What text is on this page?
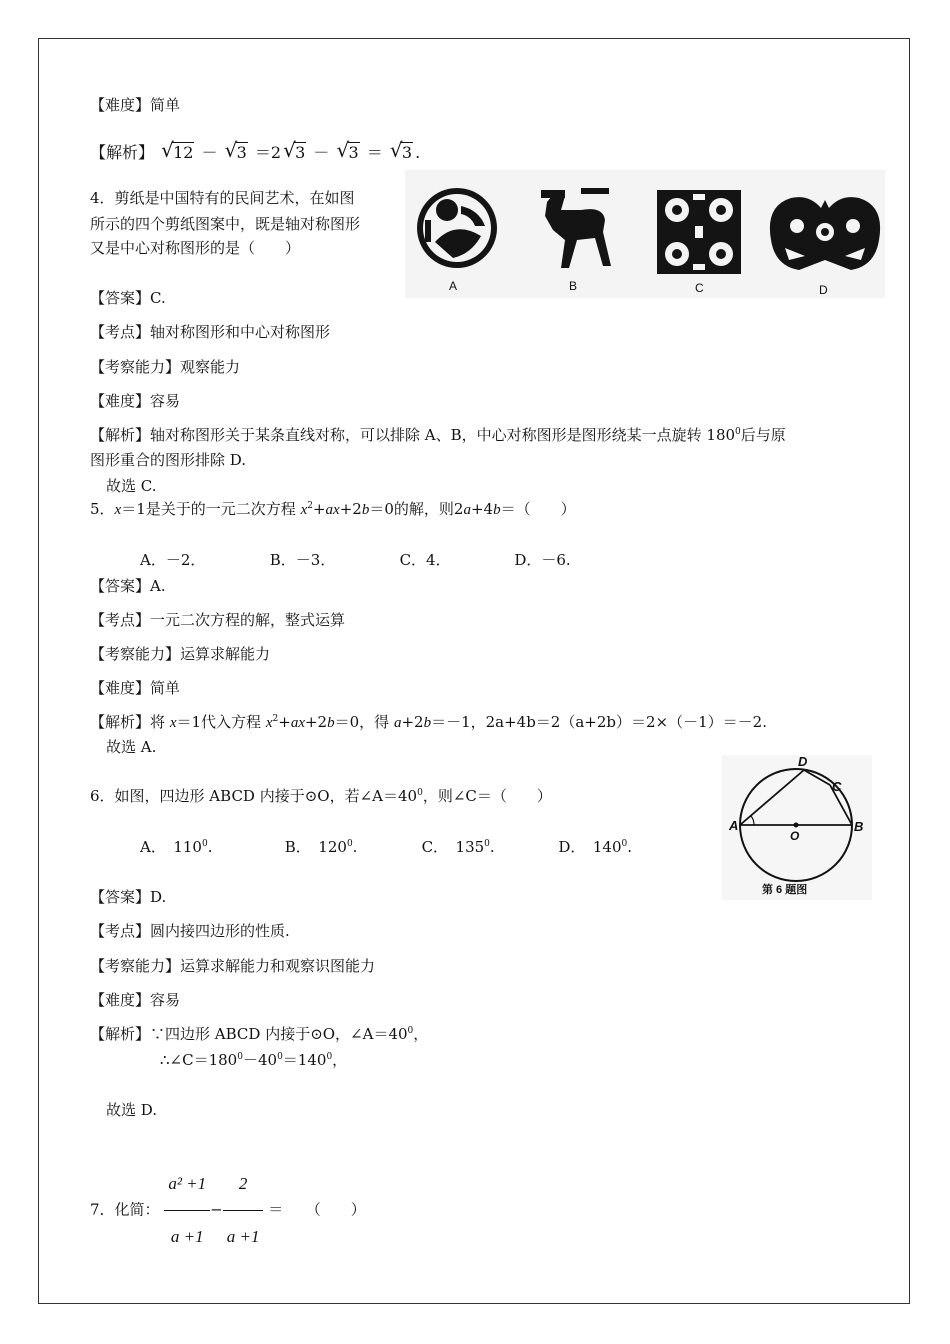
【难度】简单
【解析】 √ 12 － √ 3 ＝2 √ 3 － √ 3 ＝ √ 3 .
4．剪纸是中国特有的民间艺术，在如图
所示的四个剪纸图案中，既是轴对称图形
又是中心对称图形的是（　　）
A	B	C	D
【答案】C.
【考点】轴对称图形和中心对称图形
【考察能力】观察能力
【难度】容易
【解析】轴对称图形关于某条直线对称，可以排除 A、B，中心对称图形是图形绕某一点旋转 $180^0$后与原
图形重合的图形排除 D.
故选 C.
5．x＝1是关于的一元二次方程 $x^2+ax+2b=0$的解，则2a+4b＝（　　）
A．－2．	B．－3．	C．4．	D．－6.
【答案】A.
【考点】一元二次方程的解，整式运算
【考察能力】运算求解能力
【难度】简单
【解析】将 x＝1代入方程 $x^2+ax+2b=0$，得 a+2b＝－1，2a+4b＝2（a+2b）＝2×（－1）＝－2.
故选 A.
6．如图，四边形 ABCD 内接于⊙O，若$\angle A=40^0$，则∠C＝（　　）
A．　$110^0$.	B．　$120^0$.	C．　$135^0$.	D．　$140^0$.
A	B
C
D
O
第 6 题图
【答案】D.
【考点】圆内接四边形的性质.
【考察能力】运算求解能力和观察识图能力
【难度】容易
【解析】∵四边形 ABCD 内接于⊙O，$\angle A=40^0$，
$\therefore\angle C=180^0-40^0=140^0$，
故选 D.
7．化简： $\frac{\text{a² +1}}{a +1} - \frac{2}{a +1}$ ＝　　（　　）
